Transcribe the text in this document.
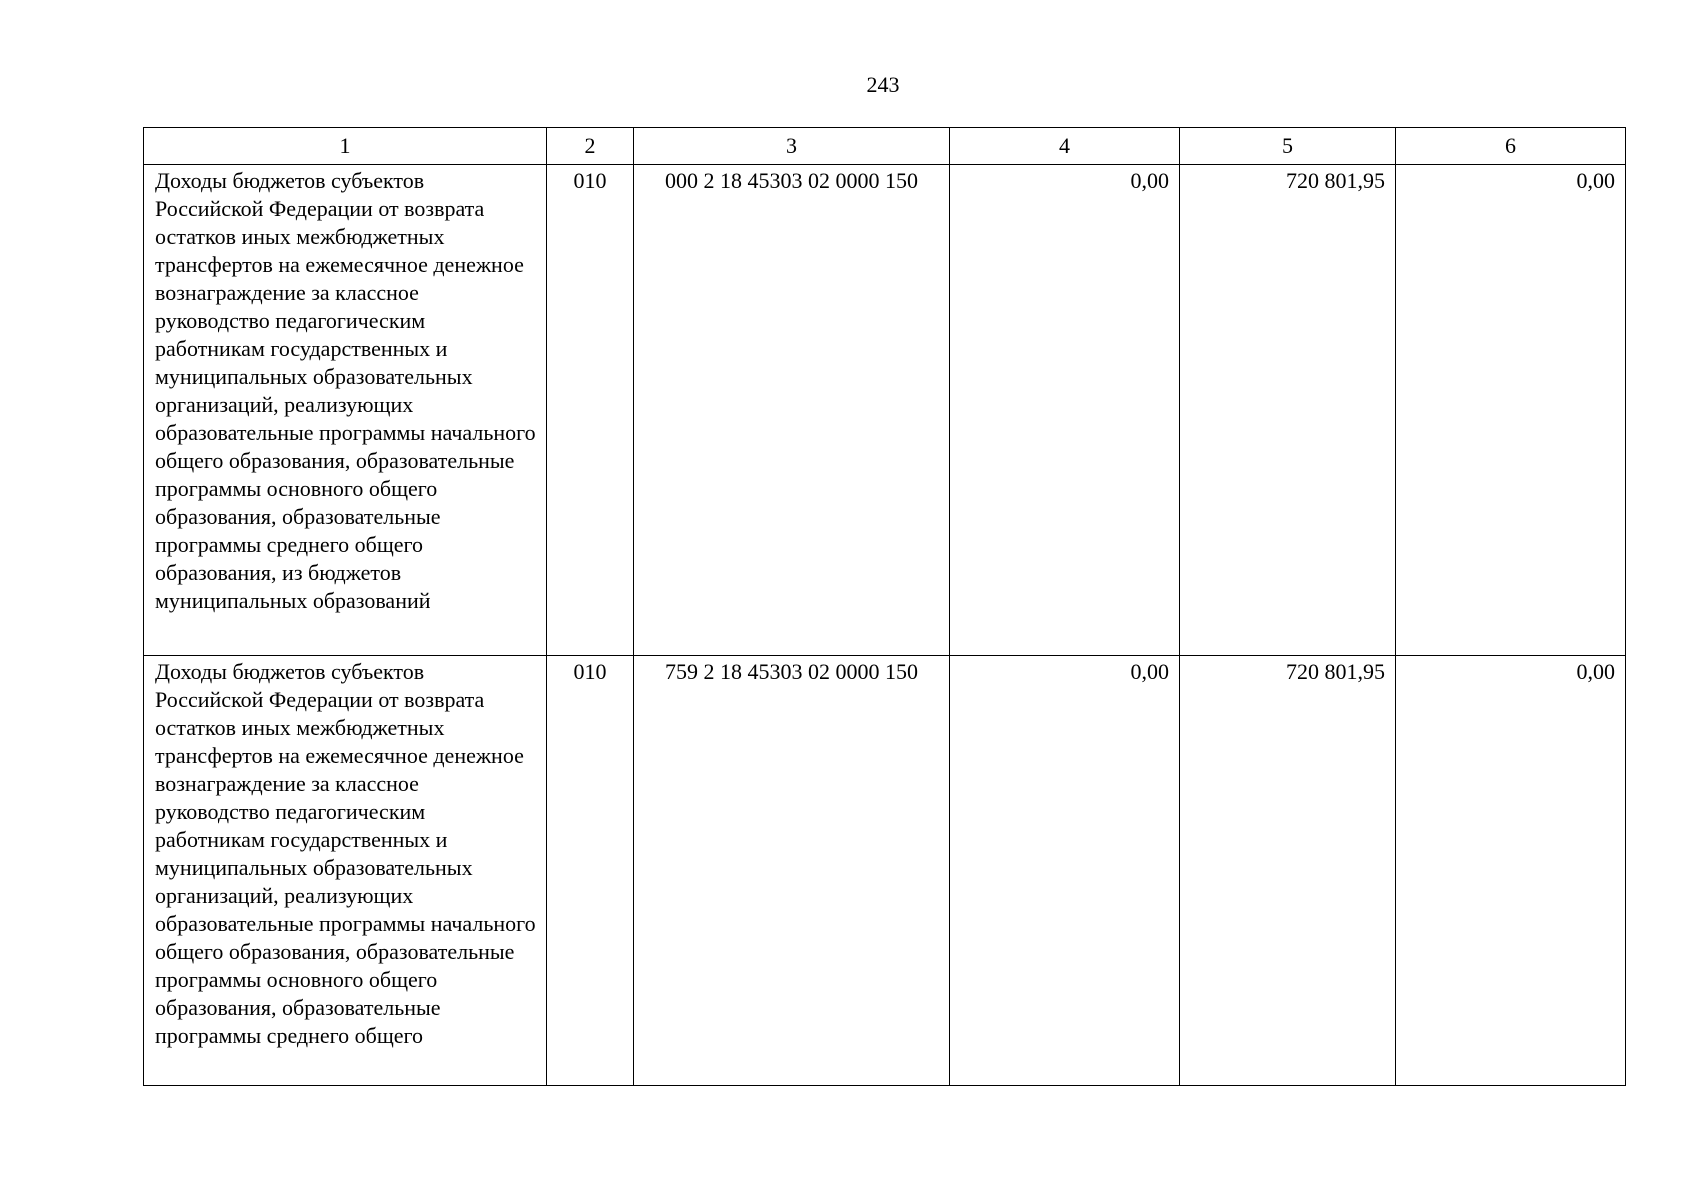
243
1	2	3	4	5	6
Доходы бюджетов субъектов Российской Федерации от возврата остатков иных межбюджетных трансфертов на ежемесячное денежное вознаграждение за классное руководство педагогическим работникам государственных и муниципальных образовательных организаций, реализующих образовательные программы начального общего образования, образовательные программы основного общего образования, образовательные программы среднего общего образования, из бюджетов муниципальных образований	010	000 2 18 45303 02 0000 150	0,00	720 801,95	0,00
Доходы бюджетов субъектов Российской Федерации от возврата остатков иных межбюджетных трансфертов на ежемесячное денежное вознаграждение за классное руководство педагогическим работникам государственных и муниципальных образовательных организаций, реализующих образовательные программы начального общего образования, образовательные программы основного общего образования, образовательные программы среднего общего	010	759 2 18 45303 02 0000 150	0,00	720 801,95	0,00
